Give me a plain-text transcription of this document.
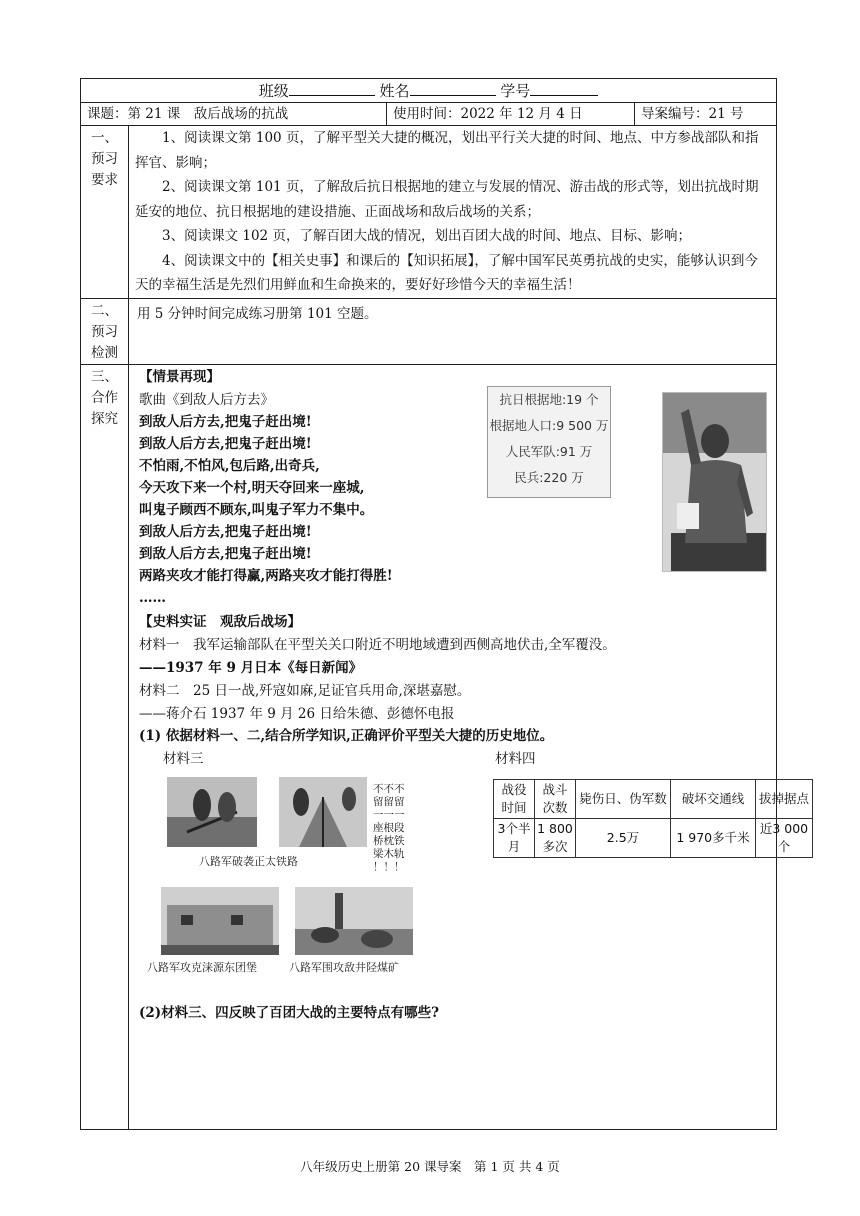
班级	姓名	学号

课题：第 21 课　敌后战场的抗战	使用时间：2022 年 12 月 4 日	导案编号：21 号

一、
预习
要求

1、阅读课文第 100 页，了解平型关大捷的概况，划出平行关大捷的时间、地点、中方参战部队和指挥官、影响；

2、阅读课文第 101 页，了解敌后抗日根据地的建立与发展的情况、游击战的形式等，划出抗战时期延安的地位、抗日根据地的建设措施、正面战场和敌后战场的关系；

3、阅读课文 102 页，了解百团大战的情况，划出百团大战的时间、地点、目标、影响；

4、阅读课文中的【相关史事】和课后的【知识拓展】，了解中国军民英勇抗战的史实，能够认识到今天的幸福生活是先烈们用鲜血和生命换来的，要好好珍惜今天的幸福生活！

二、
预习
检测

用 5 分钟时间完成练习册第 101 空题。

三、
合作
探究

【情景再现】
歌曲《到敌人后方去》
到敌人后方去,把鬼子赶出境!
到敌人后方去,把鬼子赶出境!
不怕雨,不怕风,包后路,出奇兵,
今天攻下来一个村,明天夺回来一座城,
叫鬼子顾西不顾东,叫鬼子军力不集中。
到敌人后方去,把鬼子赶出境!
到敌人后方去,把鬼子赶出境!
两路夹攻才能打得赢,两路夹攻才能打得胜!
……
抗日根据地:19 个
根据地人口:9 500 万
人民军队:91 万
民兵:220 万
【史料实证　观敌后战场】
材料一　我军运输部队在平型关关口附近不明地域遭到西侧高地伏击,全军覆没。
——1937 年 9 月日本《每日新闻》
材料二　25 日一战,歼寇如麻,足证官兵用命,深堪嘉慰。
——蒋介石 1937 年 9 月 26 日给朱德、彭德怀电报
(1) 依据材料一、二,结合所学知识,正确评价平型关大捷的历史地位。
材料三	材料四
不不不
留留留
一一一
座根段
桥枕铁
梁木轨
！！！
八路军破袭正太铁路
八路军攻克涞源东团堡	八路军围攻敌井陉煤矿
战役时间	战斗次数	毙伤日、伪军数	破坏交通线	拔掉据点
3个半月	1 800多次	2.5万	1 970多千米	近3 000个
(2)材料三、四反映了百团大战的主要特点有哪些?
八年级历史上册第 20 课导案　第 1 页 共 4 页
